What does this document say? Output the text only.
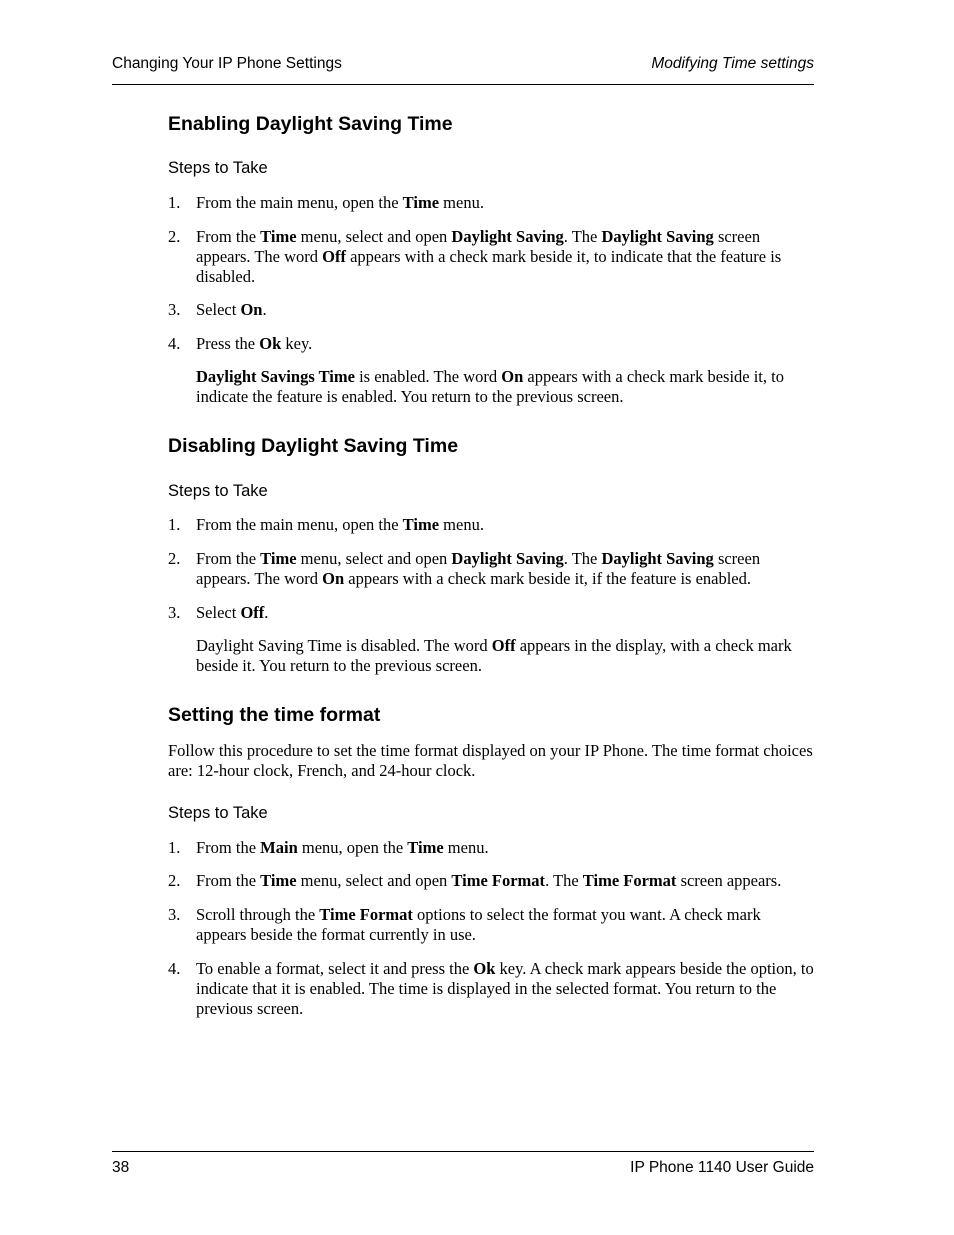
Changing Your IP Phone Settings	Modifying Time settings
Enabling Daylight Saving Time
Steps to Take
1. From the main menu, open the Time menu.
2. From the Time menu, select and open Daylight Saving. The Daylight Saving screen appears. The word Off appears with a check mark beside it, to indicate that the feature is disabled.
3. Select On.
4. Press the Ok key.
Daylight Savings Time is enabled. The word On appears with a check mark beside it, to indicate the feature is enabled. You return to the previous screen.
Disabling Daylight Saving Time
Steps to Take
1. From the main menu, open the Time menu.
2. From the Time menu, select and open Daylight Saving. The Daylight Saving screen appears. The word On appears with a check mark beside it, if the feature is enabled.
3. Select Off.
Daylight Saving Time is disabled. The word Off appears in the display, with a check mark beside it. You return to the previous screen.
Setting the time format
Follow this procedure to set the time format displayed on your IP Phone. The time format choices are: 12-hour clock, French, and 24-hour clock.
Steps to Take
1. From the Main menu, open the Time menu.
2. From the Time menu, select and open Time Format. The Time Format screen appears.
3. Scroll through the Time Format options to select the format you want. A check mark appears beside the format currently in use.
4. To enable a format, select it and press the Ok key. A check mark appears beside the option, to indicate that it is enabled. The time is displayed in the selected format. You return to the previous screen.
38	IP Phone 1140 User Guide
